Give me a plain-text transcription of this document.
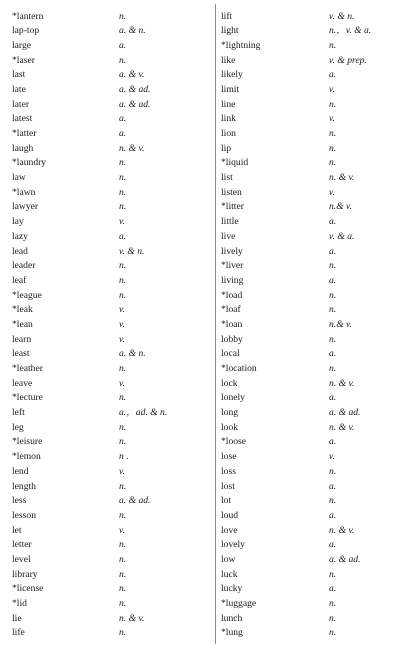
*lantern	n.
lap-top	a. & n.
large	a.
*laser	n.
last	a. & v.
late	a. & ad.
later	a. & ad.
latest	a.
*latter	a.
laugh	n. & v.
*laundry	n.
law	n.
*lawn	n.
lawyer	n.
lay	v.
lazy	a.
lead	v. & n.
leader	n.
leaf	n.
*league	n.
*leak	v.
*lean	v.
learn	v.
least	a. & n.
*leather	n.
leave	v.
*lecture	n.
left	a.，ad. & n.
leg	n.
*leisure	n.
*lemon	n .
lend	v.
length	n.
less	a. & ad.
lesson	n.
let	v.
letter	n.
level	n.
library	n.
*license	n.
*lid	n.
lie	n. & v.
life	n.
lift	v. & n.
light	n.，v. & a.
*lightning	n.
like	v. & prep.
likely	a.
limit	v.
line	n.
link	v.
lion	n.
lip	n.
*liquid	n.
list	n. & v.
listen	v.
*litter	n.& v.
little	a.
live	v. & a.
lively	a.
*liver	n.
living	a.
*load	n.
*loaf	n.
*loan	n.& v.
lobby	n.
local	a.
*location	n.
lock	n. & v.
lonely	a.
long	a. & ad.
look	n. & v.
*loose	a.
lose	v.
loss	n.
lost	a.
lot	n.
loud	a.
love	n. & v.
lovely	a.
low	a. & ad.
luck	n.
lucky	a.
*luggage	n.
lunch	n.
*lung	n.
